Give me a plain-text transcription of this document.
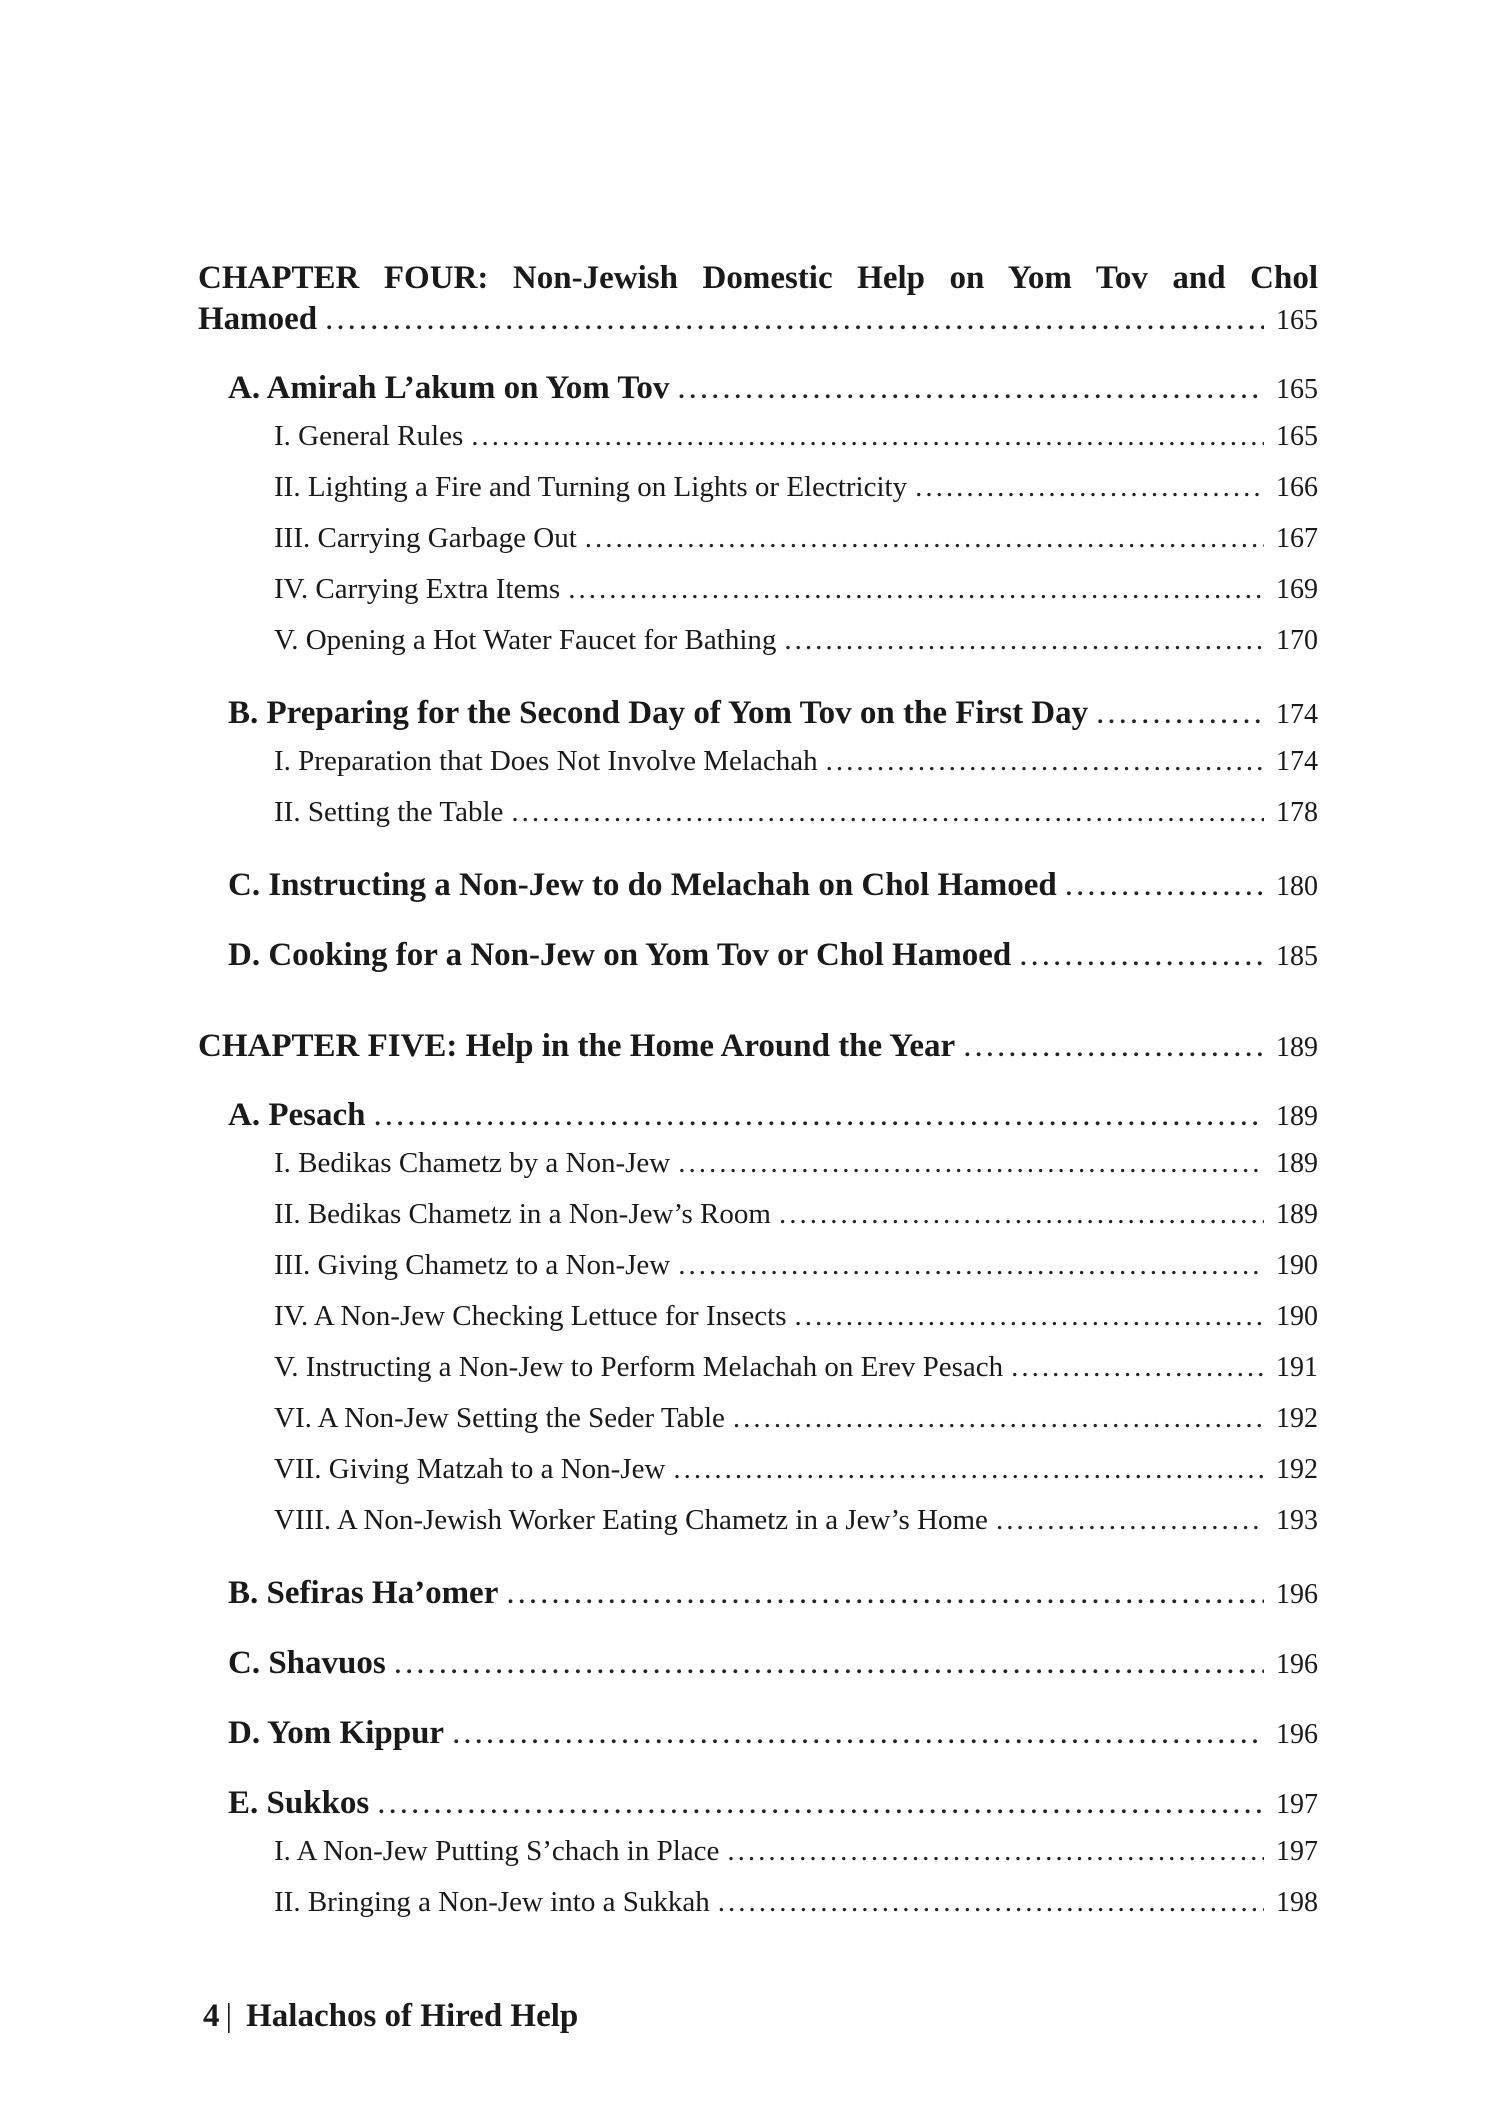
CHAPTER FOUR: Non-Jewish Domestic Help on Yom Tov and Chol
Hamoed .....	165
A. Amirah L’akum on Yom Tov .....	165
I. General Rules .....	165
II. Lighting a Fire and Turning on Lights or Electricity .....	166
III. Carrying Garbage Out .....	167
IV. Carrying Extra Items .....	169
V. Opening a Hot Water Faucet for Bathing .....	170
B. Preparing for the Second Day of Yom Tov on the First Day .....	174
I. Preparation that Does Not Involve Melachah .....	174
II. Setting the Table .....	178
C. Instructing a Non-Jew to do Melachah on Chol Hamoed .....	180
D. Cooking for a Non-Jew on Yom Tov or Chol Hamoed .....	185
CHAPTER FIVE: Help in the Home Around the Year .....	189
A. Pesach .....	189
I. Bedikas Chametz by a Non-Jew .....	189
II. Bedikas Chametz in a Non-Jew’s Room .....	189
III. Giving Chametz to a Non-Jew .....	190
IV. A Non-Jew Checking Lettuce for Insects .....	190
V. Instructing a Non-Jew to Perform Melachah on Erev Pesach .....	191
VI. A Non-Jew Setting the Seder Table .....	192
VII. Giving Matzah to a Non-Jew .....	192
VIII. A Non-Jewish Worker Eating Chametz in a Jew’s Home .....	193
B. Sefiras Ha’omer .....	196
C. Shavuos .....	196
D. Yom Kippur .....	196
E. Sukkos .....	197
I. A Non-Jew Putting S’chach in Place .....	197
II. Bringing a Non-Jew into a Sukkah .....	198
4 | Halachos of Hired Help
